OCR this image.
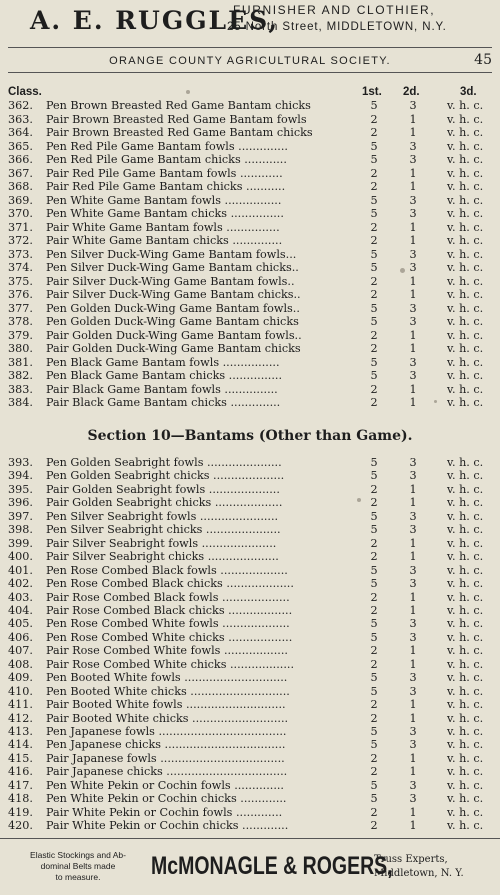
A. E. RUGGLES,
FURNISHER AND CLOTHIER,
25 North Street, MIDDLETOWN, N.Y.
ORANGE COUNTY AGRICULTURAL SOCIETY.	45
Class.	1st. 2d.	3d.
362.	Pen Brown Breasted Red Game Bantam chicks	5	3	v. h. c.
363.	Pair Brown Breasted Red Game Bantam fowls	2	1	v. h. c.
364.	Pair Brown Breasted Red Game Bantam chicks	2	1	v. h. c.
365.	Pen Red Pile Game Bantam fowls ..............	5	3	v. h. c.
366.	Pen Red Pile Game Bantam chicks ............	5	3	v. h. c.
367.	Pair Red Pile Game Bantam fowls ............	2	1	v. h. c.
368.	Pair Red Pile Game Bantam chicks ...........	2	1	v. h. c.
369.	Pen White Game Bantam fowls ................	5	3	v. h. c.
370.	Pen White Game Bantam chicks ...............	5	3	v. h. c.
371.	Pair White Game Bantam fowls ...............	2	1	v. h. c.
372.	Pair White Game Bantam chicks ..............	2	1	v. h. c.
373.	Pen Silver Duck-Wing Game Bantam fowls...	5	3	v. h. c.
374.	Pen Silver Duck-Wing Game Bantam chicks..	5	3	v. h. c.
375.	Pair Silver Duck-Wing Game Bantam fowls..	2	1	v. h. c.
376.	Pair Silver Duck-Wing Game Bantam chicks..	2	1	v. h. c.
377.	Pen Golden Duck-Wing Game Bantam fowls..	5	3	v. h. c.
378.	Pen Golden Duck-Wing Game Bantam chicks	5	3	v. h. c.
379.	Pair Golden Duck-Wing Game Bantam fowls..	2	1	v. h. c.
380.	Pair Golden Duck-Wing Game Bantam chicks	2	1	v. h. c.
381.	Pen Black Game Bantam fowls ................	5	3	v. h. c.
382.	Pen Black Game Bantam chicks ...............	5	3	v. h. c.
383.	Pair Black Game Bantam fowls ...............	2	1	v. h. c.
384.	Pair Black Game Bantam chicks ..............	2	1	v. h. c.
Section 10—Bantams (Other than Game).
393.	Pen Golden Seabright fowls .....................	5	3	v. h. c.
394.	Pen Golden Seabright chicks ....................	5	3	v. h. c.
395.	Pair Golden Seabright fowls ....................	2	1	v. h. c.
396.	Pair Golden Seabright chicks ...................	2	1	v. h. c.
397.	Pen Silver Seabright fowls ......................	5	3	v. h. c.
398.	Pen Silver Seabright chicks .....................	5	3	v. h. c.
399.	Pair Silver Seabright fowls .....................	2	1	v. h. c.
400.	Pair Silver Seabright chicks ....................	2	1	v. h. c.
401.	Pen Rose Combed Black fowls ...................	5	3	v. h. c.
402.	Pen Rose Combed Black chicks ...................	5	3	v. h. c.
403.	Pair Rose Combed Black fowls ...................	2	1	v. h. c.
404.	Pair Rose Combed Black chicks ..................	2	1	v. h. c.
405.	Pen Rose Combed White fowls ...................	5	3	v. h. c.
406.	Pen Rose Combed White chicks ..................	5	3	v. h. c.
407.	Pair Rose Combed White fowls ..................	2	1	v. h. c.
408.	Pair Rose Combed White chicks ..................	2	1	v. h. c.
409.	Pen Booted White fowls .............................	5	3	v. h. c.
410.	Pen Booted White chicks ............................	5	3	v. h. c.
411.	Pair Booted White fowls ............................	2	1	v. h. c.
412.	Pair Booted White chicks ...........................	2	1	v. h. c.
413.	Pen Japanese fowls ....................................	5	3	v. h. c.
414.	Pen Japanese chicks ..................................	5	3	v. h. c.
415.	Pair Japanese fowls ...................................	2	1	v. h. c.
416.	Pair Japanese chicks ..................................	2	1	v. h. c.
417.	Pen White Pekin or Cochin fowls ..............	5	3	v. h. c.
418.	Pen White Pekin or Cochin chicks .............	5	3	v. h. c.
419.	Pair White Pekin or Cochin fowls .............	2	1	v. h. c.
420.	Pair White Pekin or Cochin chicks .............	2	1	v. h. c.
Elastic Stockings and Ab-
dominal Belts made
to measure.	McMONAGLE & ROGERS,
Truss Experts,
Middletown, N. Y.
